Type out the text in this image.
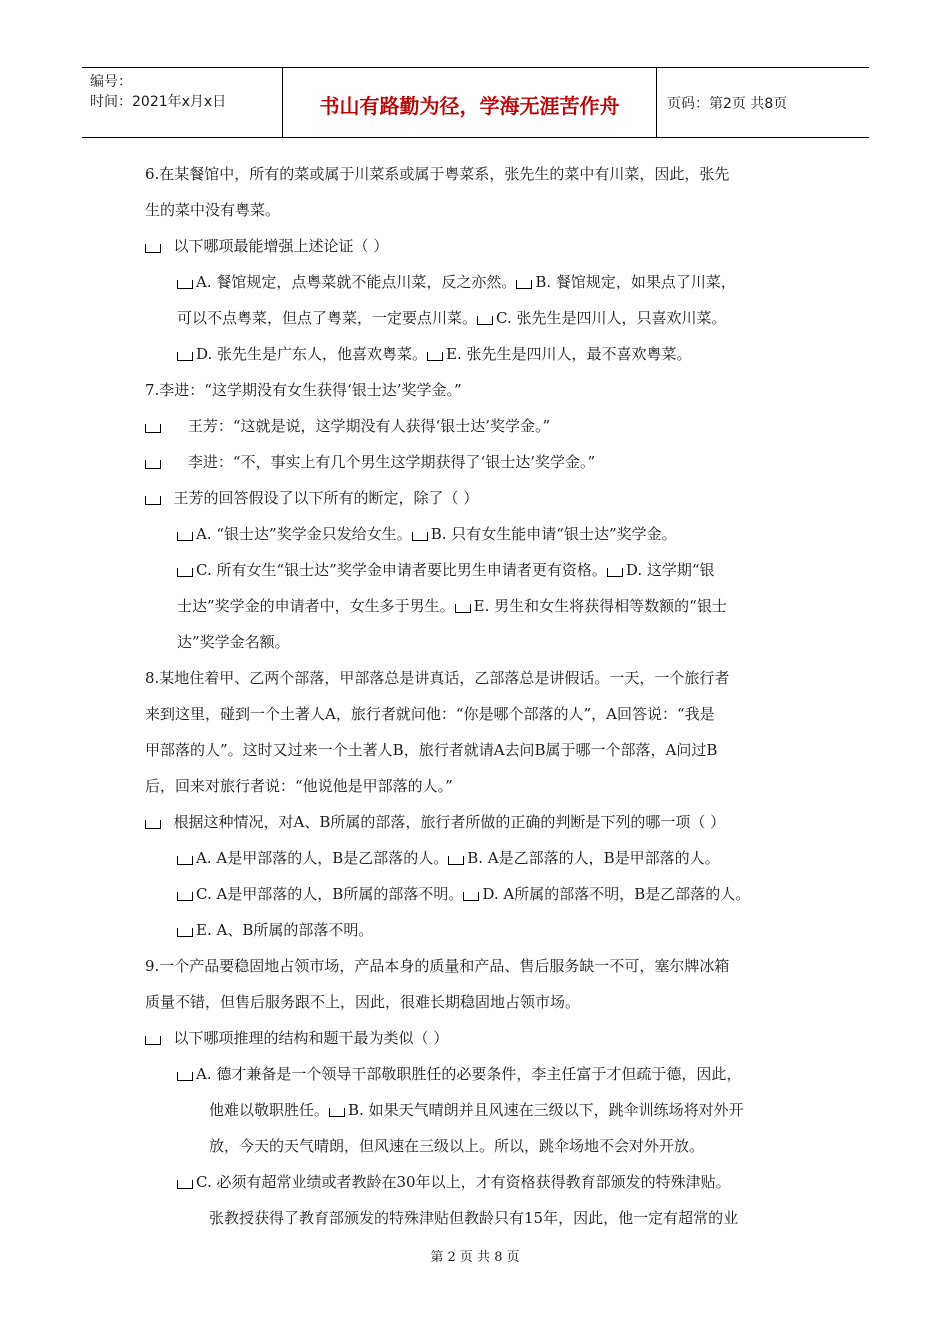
编号：
时间：2021年x月x日	书山有路勤为径，学海无涯苦作舟	页码：第2页 共8页
6.在某餐馆中，所有的菜或属于川菜系或属于粤菜系，张先生的菜中有川菜，因此，张先
生的菜中没有粤菜。
以下哪项最能增强上述论证（ ）
A. 餐馆规定，点粤菜就不能点川菜，反之亦然。 B. 餐馆规定，如果点了川菜，
可以不点粤菜，但点了粤菜，一定要点川菜。 C. 张先生是四川人，只喜欢川菜。
D. 张先生是广东人，他喜欢粤菜。 E. 张先生是四川人，最不喜欢粤菜。
7.李进：“这学期没有女生获得‘银士达’奖学金。”
王芳：“这就是说，这学期没有人获得‘银士达’奖学金。”
李进：“不，事实上有几个男生这学期获得了‘银士达’奖学金。”
王芳的回答假设了以下所有的断定，除了（ ）
A. “银士达”奖学金只发给女生。 B. 只有女生能申请“银士达”奖学金。
C. 所有女生“银士达”奖学金申请者要比男生申请者更有资格。 D. 这学期“银
士达”奖学金的申请者中，女生多于男生。 E. 男生和女生将获得相等数额的“银士
达”奖学金名额。
8.某地住着甲、乙两个部落，甲部落总是讲真话，乙部落总是讲假话。一天，一个旅行者
来到这里，碰到一个土著人A，旅行者就问他：“你是哪个部落的人”，A回答说：“我是
甲部落的人”。这时又过来一个土著人B，旅行者就请A去问B属于哪一个部落，A问过B
后，回来对旅行者说：“他说他是甲部落的人。”
根据这种情况，对A、B所属的部落，旅行者所做的正确的判断是下列的哪一项（ ）
A. A是甲部落的人，B是乙部落的人。 B. A是乙部落的人，B是甲部落的人。
C. A是甲部落的人，B所属的部落不明。 D. A所属的部落不明，B是乙部落的人。
E. A、B所属的部落不明。
9.一个产品要稳固地占领市场，产品本身的质量和产品、售后服务缺一不可，塞尔牌冰箱
质量不错，但售后服务跟不上，因此，很难长期稳固地占领市场。
以下哪项推理的结构和题干最为类似（ ）
A. 德才兼备是一个领导干部敬职胜任的必要条件，李主任富于才但疏于德，因此，
他难以敬职胜任。 B. 如果天气晴朗并且风速在三级以下，跳伞训练场将对外开
放，今天的天气晴朗，但风速在三级以上。所以，跳伞场地不会对外开放。
C. 必须有超常业绩或者教龄在30年以上，才有资格获得教育部颁发的特殊津贴。
张教授获得了教育部颁发的特殊津贴但教龄只有15年，因此，他一定有超常的业
第 2 页 共 8 页
